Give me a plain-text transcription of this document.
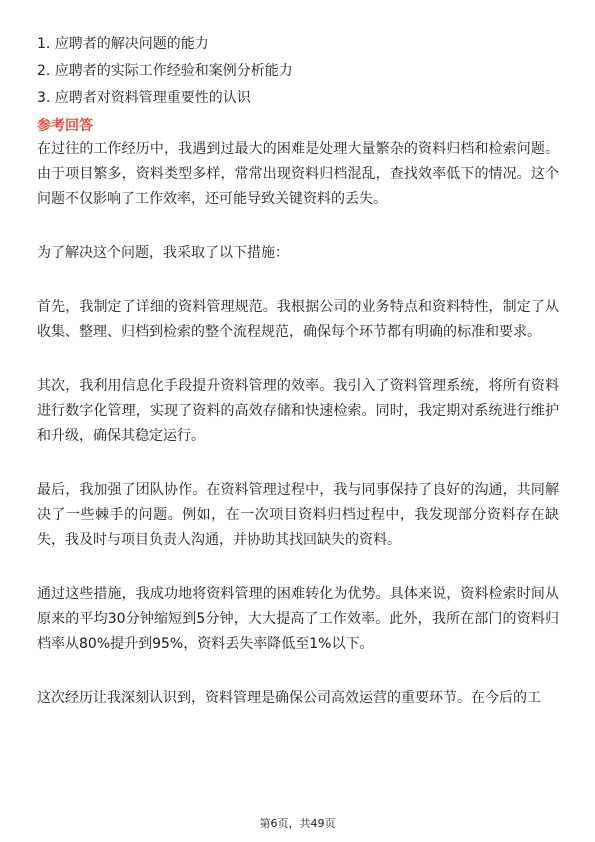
1. 应聘者的解决问题的能力
2. 应聘者的实际工作经验和案例分析能力
3. 应聘者对资料管理重要性的认识
参考回答

在过往的工作经历中，我遇到过最大的困难是处理大量繁杂的资料归档和检索问题。由于项目繁多，资料类型多样，常常出现资料归档混乱，查找效率低下的情况。这个问题不仅影响了工作效率，还可能导致关键资料的丢失。

为了解决这个问题，我采取了以下措施：

首先，我制定了详细的资料管理规范。我根据公司的业务特点和资料特性，制定了从收集、整理、归档到检索的整个流程规范，确保每个环节都有明确的标准和要求。

其次，我利用信息化手段提升资料管理的效率。我引入了资料管理系统，将所有资料进行数字化管理，实现了资料的高效存储和快速检索。同时，我定期对系统进行维护和升级，确保其稳定运行。

最后，我加强了团队协作。在资料管理过程中，我与同事保持了良好的沟通，共同解决了一些棘手的问题。例如，在一次项目资料归档过程中，我发现部分资料存在缺失，我及时与项目负责人沟通，并协助其找回缺失的资料。

通过这些措施，我成功地将资料管理的困难转化为优势。具体来说，资料检索时间从原来的平均30分钟缩短到5分钟，大大提高了工作效率。此外，我所在部门的资料归档率从80%提升到95%，资料丢失率降低至1%以下。

这次经历让我深刻认识到，资料管理是确保公司高效运营的重要环节。在今后的工

第6页，共49页
